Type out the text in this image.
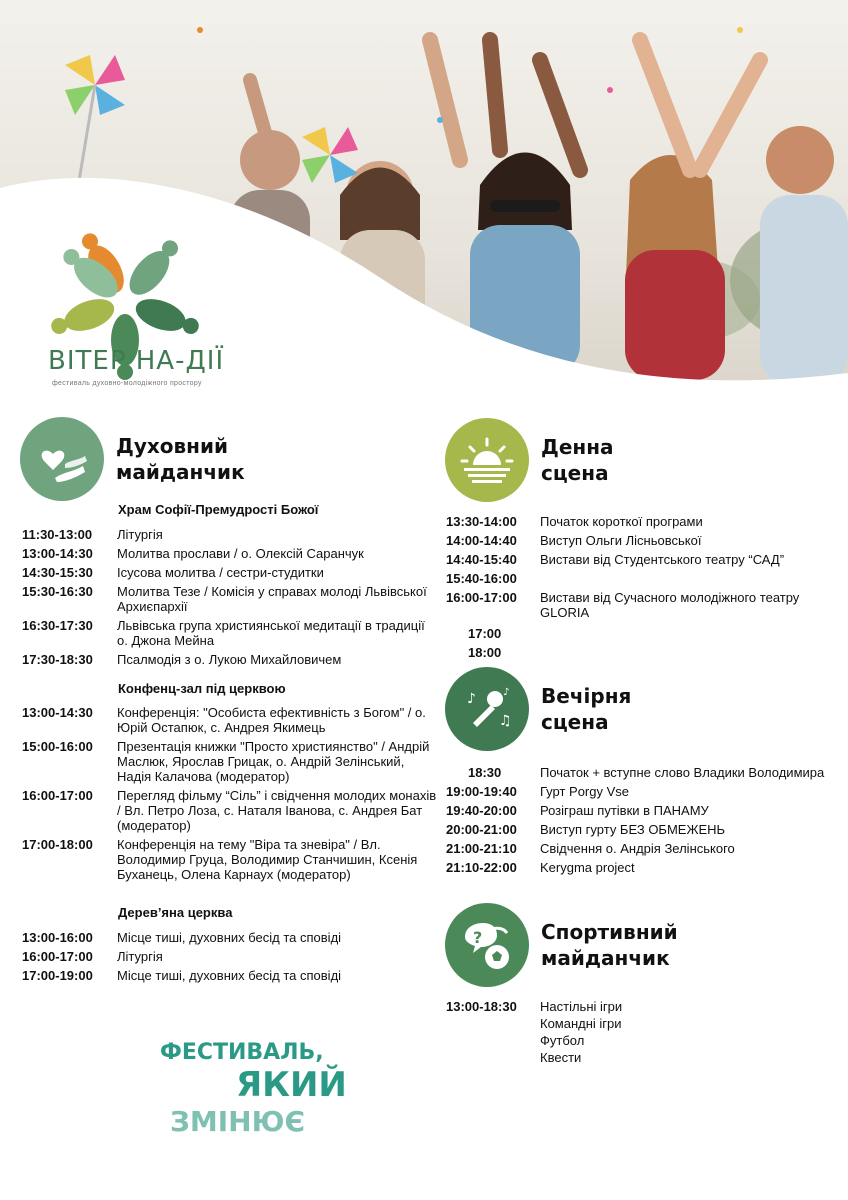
ВІТЕР НА-ДІЇ
фестиваль духовно-молодіжного простору
Духовний
майданчик
Храм Софії-Премудрості Божої
11:30-13:00	Літургія
13:00-14:30	Молитва прослави / о. Олексій Саранчук
14:30-15:30	Ісусова молитва / сестри-студитки
15:30-16:30	Молитва Тезе / Комісія у справах молоді Львівської Архиєпархії
16:30-17:30	Львівська група християнської медитації в традиції о. Джона Мейна
17:30-18:30	Псалмодія з о. Лукою Михайловичем
Конфенц-зал під церквою
13:00-14:30	Конференція: "Особиста ефективність з Богом" / о. Юрій Остапюк, с. Андрея Якимець
15:00-16:00	Презентація книжки "Просто християнство" / Андрій Маслюк, Ярослав Грицак, о. Андрій Зелінський, Надія Калачова (модератор)
16:00-17:00	Перегляд фільму “Сіль” і свідчення молодих монахів / Вл. Петро Лоза, с. Наталя Іванова, с. Андрея Бат (модератор)
17:00-18:00	Конференція на тему "Віра та зневіра" / Вл. Володимир Груца, Володимир Станчишин, Ксенія Буханець, Олена Карнаух (модератор)
Дерев’яна церква
13:00-16:00	Місце тиші, духовних бесід та сповіді
16:00-17:00	Літургія
17:00-19:00	Місце тиші, духовних бесід та сповіді
Денна
сцена
13:30-14:00	Початок короткої програми
14:00-14:40	Виступ Ольги Лісньовської
14:40-15:40	Вистави від Студентського театру “САД”
15:40-16:00
16:00-17:00	Вистави від Сучасного молодіжного театру GLORIA
17:00
18:00
♪
♫
♪ Вечірня
сцена
18:30	Початок + вступне слово Владики Володимира
19:00-19:40	Гурт Porgy Vse
19:40-20:00	Розіграш путівки в ПАНАМУ
20:00-21:00	Виступ гурту БЕЗ ОБМЕЖЕНЬ
21:00-21:10	Свідчення о. Андрія Зелінського
21:10-22:00	Kerygma project
?	Спортивний
майданчик
13:00-18:30	Настільні ігри
Командні ігри
Футбол
Квести
ФЕСТИВАЛЬ,
ЯКИЙ
ЗМІНЮЄ
